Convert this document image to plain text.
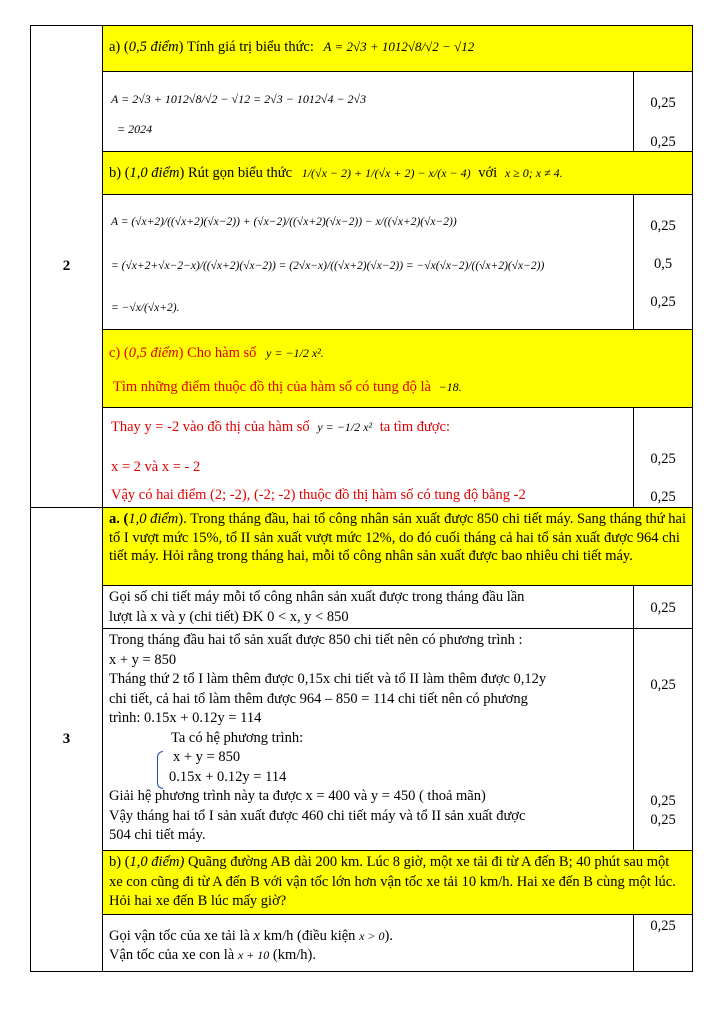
2
a) (0,5 điểm) Tính giá trị biểu thức: A = 2√3 + 1012√8/√2 − √12
A = 2√3 + 1012√8/√2 − √12 = 2√3 − 1012√4 − 2√3
= 2024
0,25
0,25
b) (1,0 điểm) Rút gọn biểu thức 1/(√x − 2) + 1/(√x + 2) − x/(x − 4) với x ≥ 0; x ≠ 4.
A = (√x+2)/((√x+2)(√x−2)) + (√x−2)/((√x+2)(√x−2)) − x/((√x+2)(√x−2))
= (√x+2+√x−2−x)/((√x+2)(√x−2)) = (2√x−x)/((√x+2)(√x−2)) = −√x(√x−2)/((√x+2)(√x−2))
= −√x/(√x+2).
0,25
0,5
0,25
c) (0,5 điểm) Cho hàm số y = −1/2 x².
Tìm những điểm thuộc đồ thị của hàm số có tung độ là −18.
Thay y = -2 vào đồ thị của hàm số y = −1/2 x² ta tìm được:
x = 2 và x = - 2
Vậy có hai điểm (2; -2), (-2; -2) thuộc đồ thị hàm số có tung độ bằng -2
0,25
0,25
3
a. (1,0 điểm). Trong tháng đầu, hai tổ công nhân sản xuất được 850 chi tiết máy. Sang tháng thứ hai tổ I vượt mức 15%, tổ II sản xuất vượt mức 12%, do đó cuối tháng cả hai tổ sản xuất được 964 chi tiết máy. Hỏi rằng trong tháng hai, mỗi tổ công nhân sản xuất được bao nhiêu chi tiết máy.
Gọi số chi tiết máy mỗi tổ công nhân sản xuất được trong tháng đầu lần
lượt là x và y (chi tiết) ĐK 0 < x, y < 850
0,25
Trong tháng đầu hai tổ sản xuất được 850 chi tiết nên có phương trình :
x + y = 850
Tháng thứ 2 tổ I làm thêm được 0,15x chi tiết và tổ II làm thêm được 0,12y
chi tiết, cả hai tổ làm thêm được 964 – 850 = 114 chi tiết nên có phương
trình: 0.15x + 0.12y = 114
Ta có hệ phương trình:
x + y = 850
0.15x + 0.12y = 114
Giải hệ phương trình này ta được x = 400 và y = 450 ( thoả mãn)
Vậy tháng hai tổ I sản xuất được 460 chi tiết máy và tổ II sản xuất được
504 chi tiết máy.
0,25
0,25
0,25
b) (1,0 điểm) Quãng đường AB dài 200 km. Lúc 8 giờ, một xe tải đi từ A đến B; 40 phút sau một xe con cũng đi từ A đến B với vận tốc lớn hơn vận tốc xe tải 10 km/h. Hai xe đến B cùng một lúc. Hỏi hai xe đến B lúc mấy giờ?
Gọi vận tốc của xe tải là x km/h (điều kiện x > 0).
Vận tốc của xe con là x + 10 (km/h).
0,25
